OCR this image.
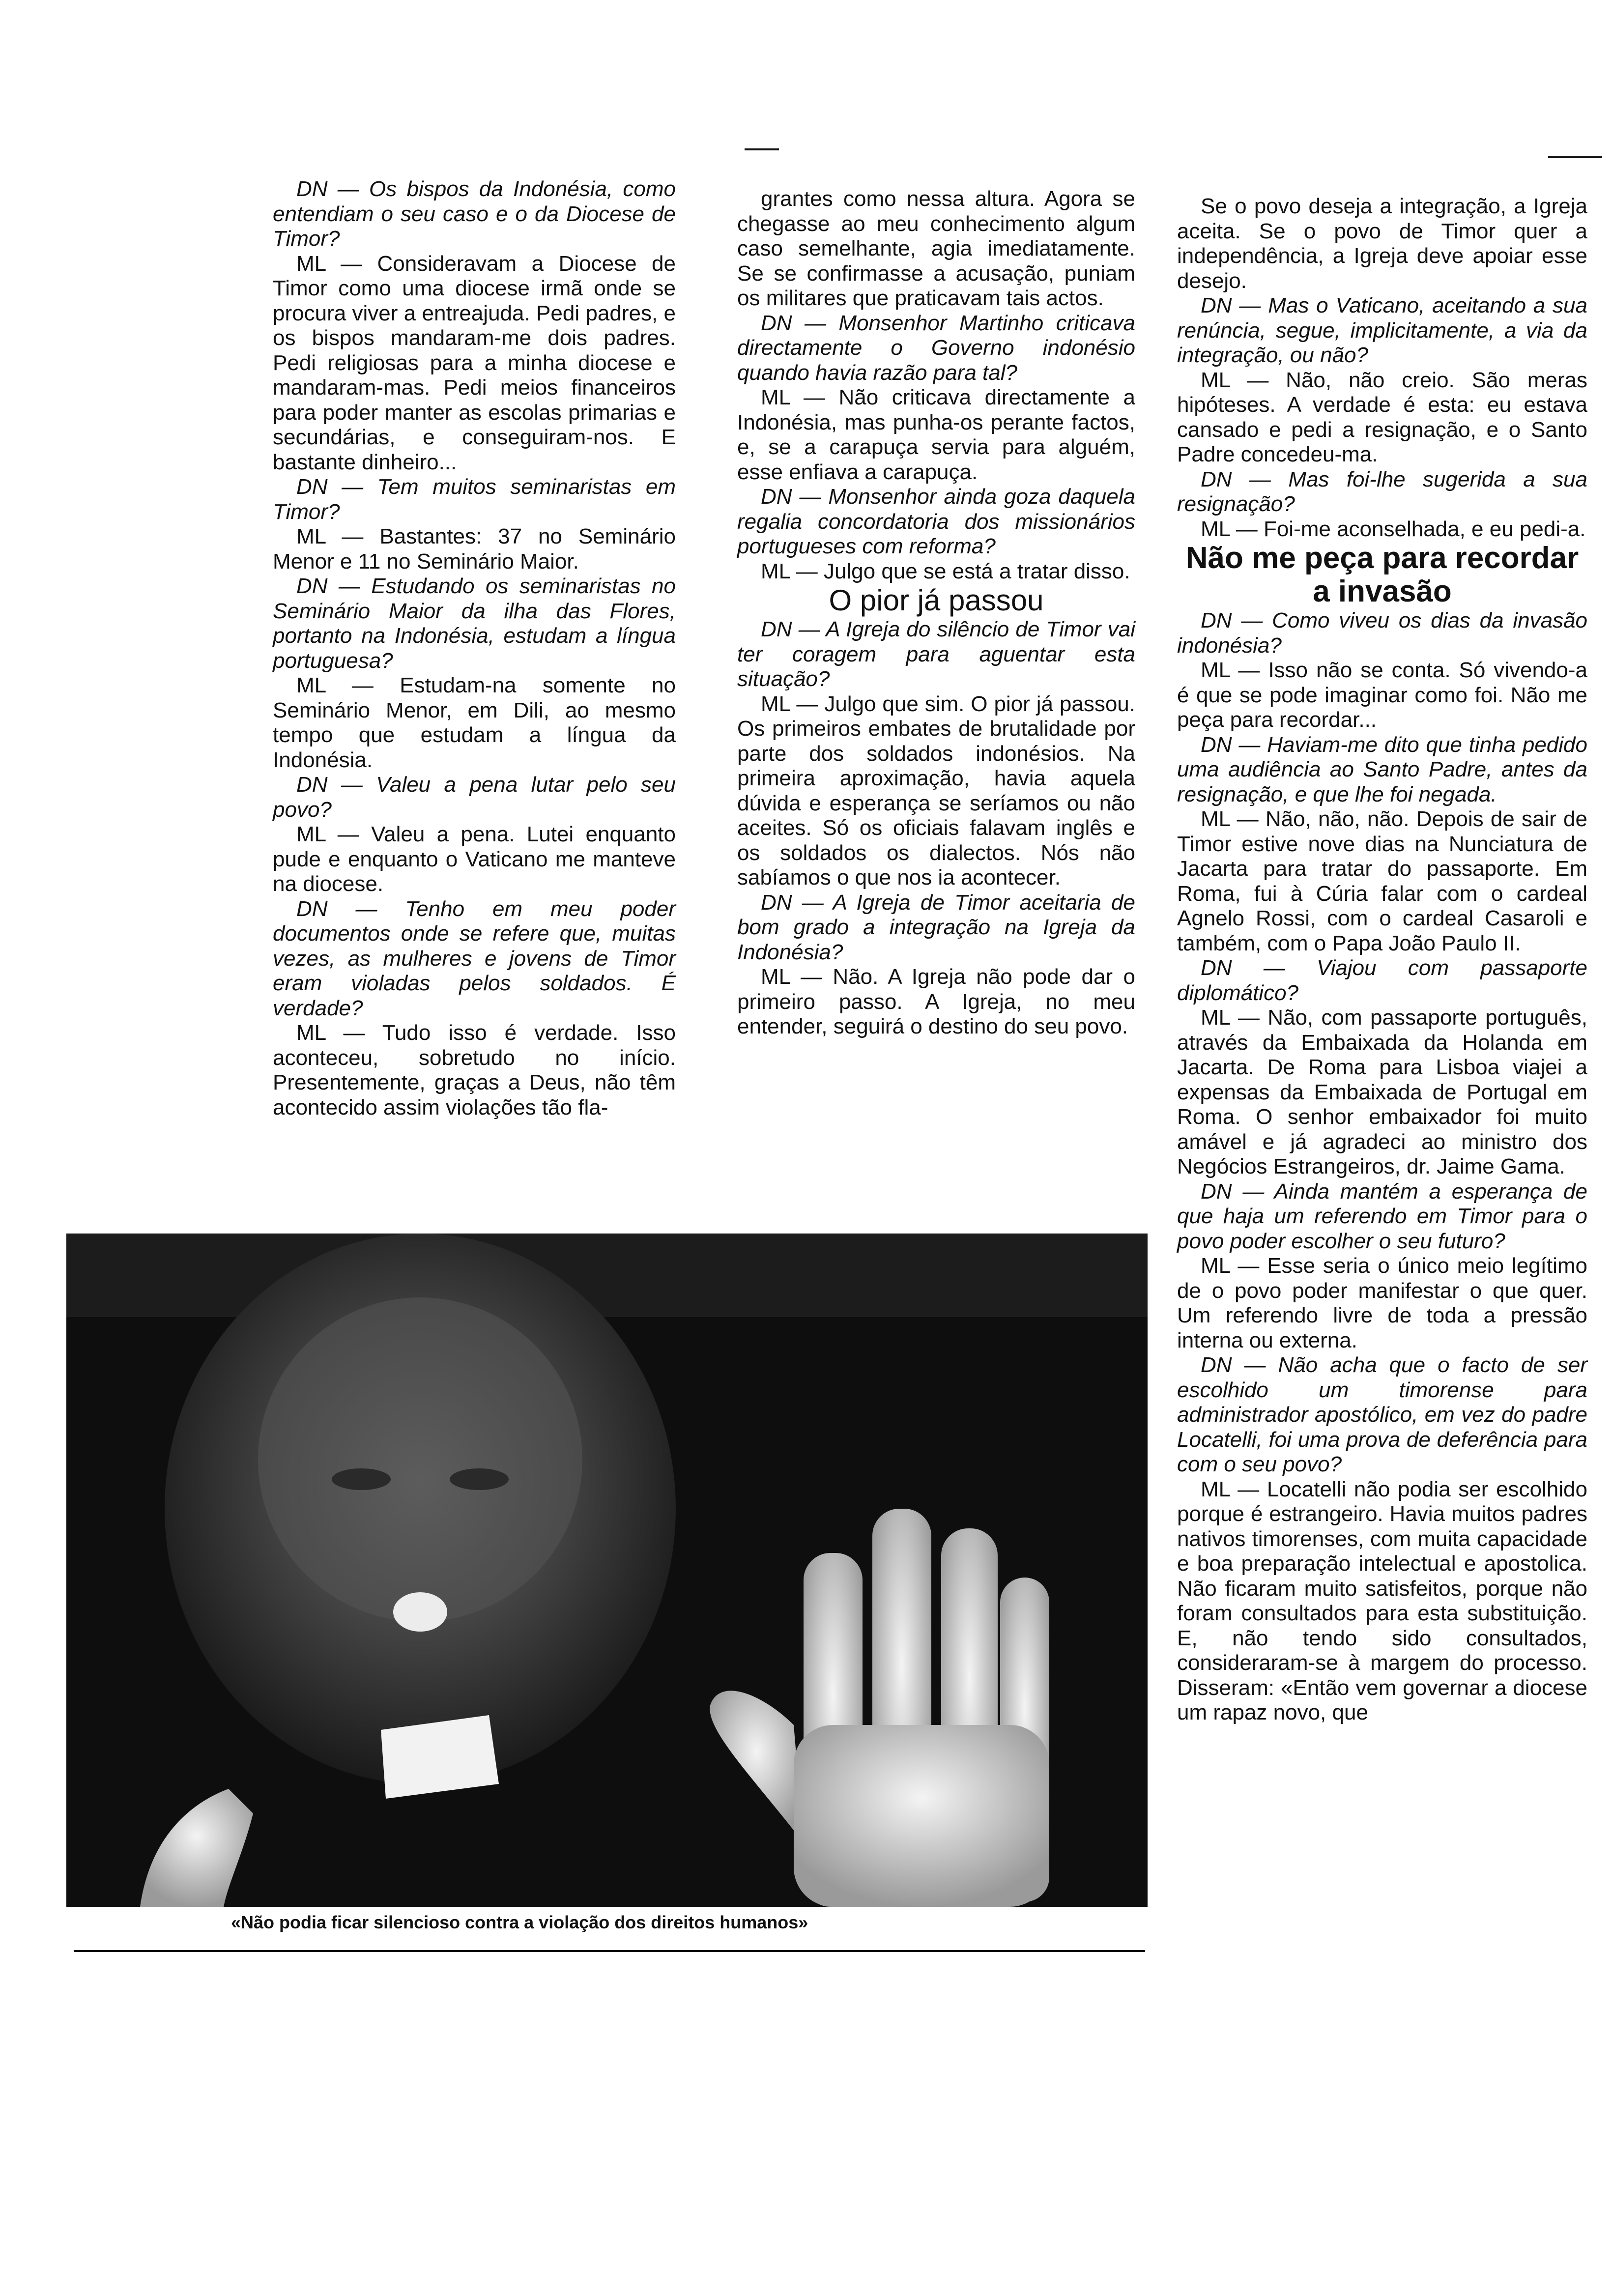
DN — Os bispos da Indonésia, como entendiam o seu caso e o da Diocese de Timor?

ML — Consideravam a Diocese de Timor como uma diocese irmã onde se procura viver a entreajuda. Pedi padres, e os bispos mandaram-me dois padres. Pedi religiosas para a minha diocese e mandaram-mas. Pedi meios financeiros para poder manter as escolas primarias e secundárias, e conseguiram-nos. E bastante dinheiro...

DN — Tem muitos seminaristas em Timor?

ML — Bastantes: 37 no Seminário Menor e 11 no Seminário Maior.

DN — Estudando os seminaristas no Seminário Maior da ilha das Flores, portanto na Indonésia, estudam a língua portuguesa?

ML — Estudam-na somente no Seminário Menor, em Dili, ao mesmo tempo que estudam a língua da Indonésia.

DN — Valeu a pena lutar pelo seu povo?

ML — Valeu a pena. Lutei enquanto pude e enquanto o Vaticano me manteve na diocese.

DN — Tenho em meu poder documentos onde se refere que, muitas vezes, as mulheres e jovens de Timor eram violadas pelos soldados. É verdade?

ML — Tudo isso é verdade. Isso aconteceu, sobretudo no início. Presentemente, graças a Deus, não têm acontecido assim violações tão fla-

grantes como nessa altura. Agora se chegasse ao meu conhecimento algum caso semelhante, agia imediatamente. Se se confirmasse a acusação, puniam os militares que praticavam tais actos.

DN — Monsenhor Martinho criticava directamente o Governo indonésio quando havia razão para tal?

ML — Não criticava directamente a Indonésia, mas punha-os perante factos, e, se a carapuça servia para alguém, esse enfiava a carapuça.

DN — Monsenhor ainda goza daquela regalia concordatoria dos missionários portugueses com reforma?

ML — Julgo que se está a tratar disso.

O pior já passou

DN — A Igreja do silêncio de Timor vai ter coragem para aguentar esta situação?

ML — Julgo que sim. O pior já passou. Os primeiros embates de brutalidade por parte dos soldados indonésios. Na primeira aproximação, havia aquela dúvida e esperança se seríamos ou não aceites. Só os oficiais falavam inglês e os soldados os dialectos. Nós não sabíamos o que nos ia acontecer.

DN — A Igreja de Timor aceitaria de bom grado a integração na Igreja da Indonésia?

ML — Não. A Igreja não pode dar o primeiro passo. A Igreja, no meu entender, seguirá o destino do seu povo.

Se o povo deseja a integração, a Igreja aceita. Se o povo de Timor quer a independência, a Igreja deve apoiar esse desejo.

DN — Mas o Vaticano, aceitando a sua renúncia, segue, implicitamente, a via da integração, ou não?

ML — Não, não creio. São meras hipóteses. A verdade é esta: eu estava cansado e pedi a resignação, e o Santo Padre concedeu-ma.

DN — Mas foi-lhe sugerida a sua resignação?

ML — Foi-me aconselhada, e eu pedi-a.

Não me peça para recordar a invasão

DN — Como viveu os dias da invasão indonésia?

ML — Isso não se conta. Só vivendo-a é que se pode imaginar como foi. Não me peça para recordar...

DN — Haviam-me dito que tinha pedido uma audiência ao Santo Padre, antes da resignação, e que lhe foi negada.

ML — Não, não, não. Depois de sair de Timor estive nove dias na Nunciatura de Jacarta para tratar do passaporte. Em Roma, fui à Cúria falar com o cardeal Agnelo Rossi, com o cardeal Casaroli e também, com o Papa João Paulo II.

DN — Viajou com passaporte diplomático?

ML — Não, com passaporte português, através da Embaixada da Holanda em Jacarta. De Roma para Lisboa viajei a expensas da Embaixada de Portugal em Roma. O senhor embaixador foi muito amável e já agradeci ao ministro dos Negócios Estrangeiros, dr. Jaime Gama.

DN — Ainda mantém a esperança de que haja um referendo em Timor para o povo poder escolher o seu futuro?

ML — Esse seria o único meio legítimo de o povo poder manifestar o que quer. Um referendo livre de toda a pressão interna ou externa.

DN — Não acha que o facto de ser escolhido um timorense para administrador apostólico, em vez do padre Locatelli, foi uma prova de deferência para com o seu povo?

ML — Locatelli não podia ser escolhido porque é estrangeiro. Havia muitos padres nativos timorenses, com muita capacidade e boa preparação intelectual e apostolica. Não ficaram muito satisfeitos, porque não foram consultados para esta substituição. E, não tendo sido consultados, consideraram-se à margem do processo. Disseram: «Então vem governar a diocese um rapaz novo, que

«Não podia ficar silencioso contra a violação dos direitos humanos»
